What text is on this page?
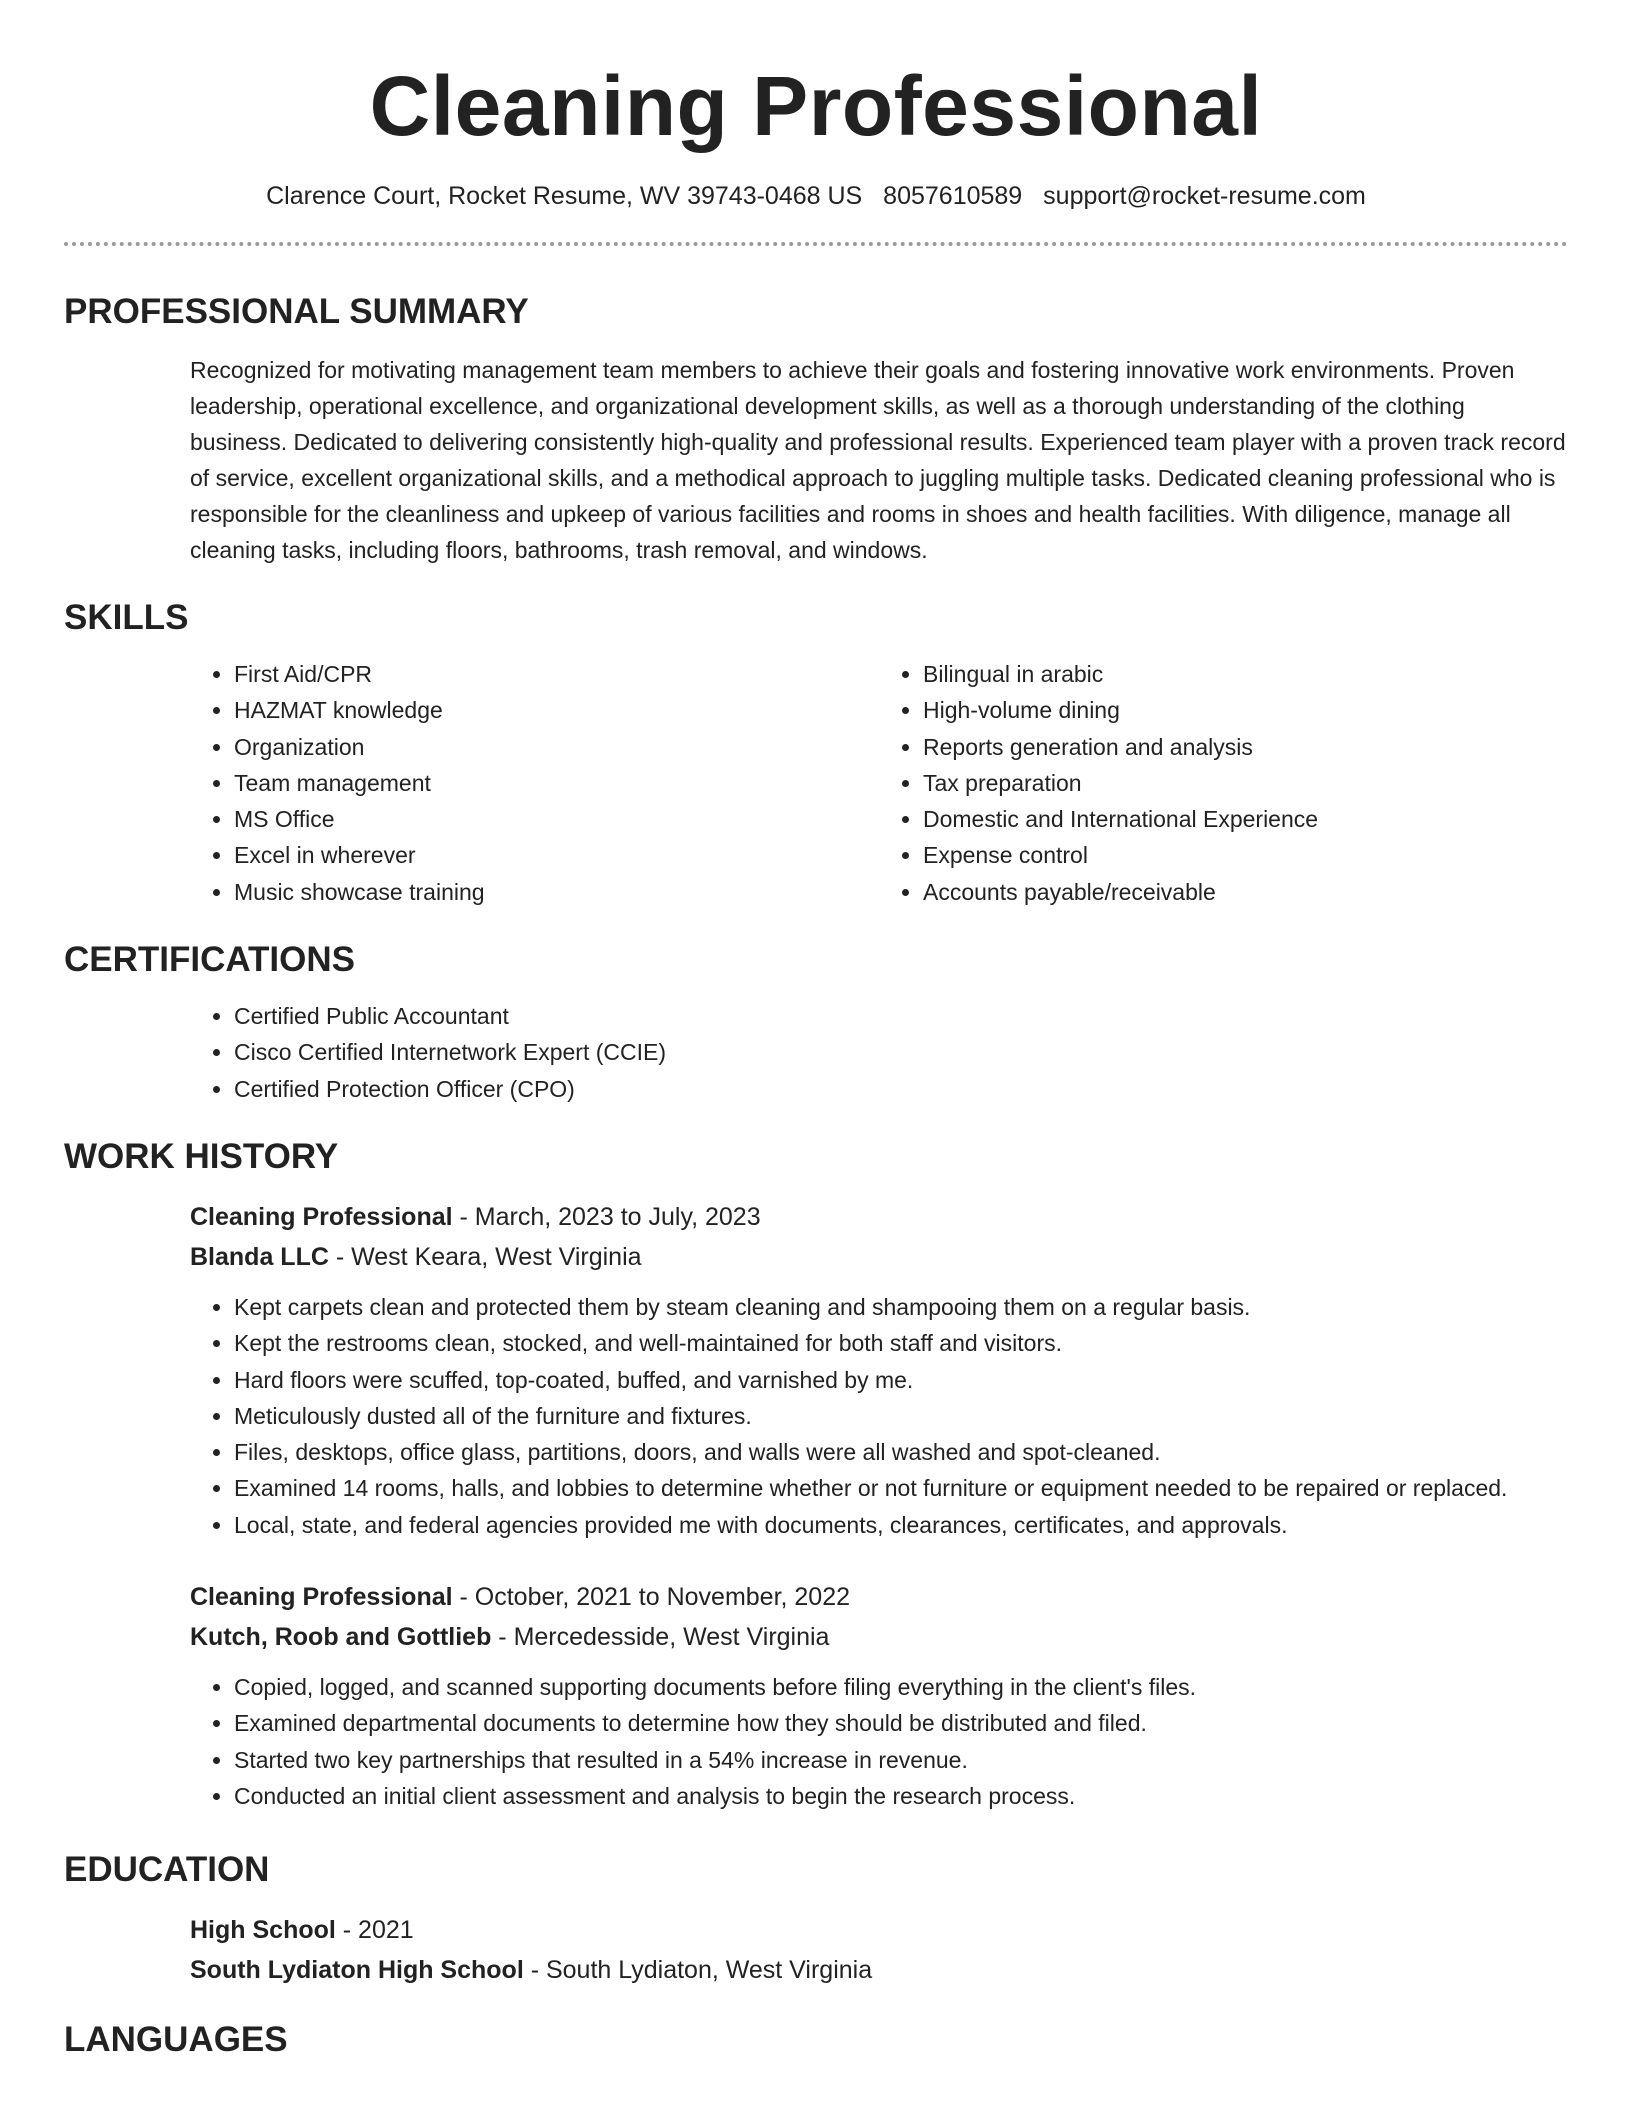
Cleaning Professional
Clarence Court, Rocket Resume, WV 39743-0468 US 8057610589 support@rocket-resume.com
PROFESSIONAL SUMMARY

Recognized for motivating management team members to achieve their goals and fostering innovative work environments. Proven leadership, operational excellence, and organizational development skills, as well as a thorough understanding of the clothing business. Dedicated to delivering consistently high-quality and professional results. Experienced team player with a proven track record of service, excellent organizational skills, and a methodical approach to juggling multiple tasks. Dedicated cleaning professional who is responsible for the cleanliness and upkeep of various facilities and rooms in shoes and health facilities. With diligence, manage all cleaning tasks, including floors, bathrooms, trash removal, and windows.

SKILLS
• First Aid/CPR
• HAZMAT knowledge
• Organization
• Team management
• MS Office
• Excel in wherever
• Music showcase training
• Bilingual in arabic
• High-volume dining
• Reports generation and analysis
• Tax preparation
• Domestic and International Experience
• Expense control
• Accounts payable/receivable
CERTIFICATIONS
• Certified Public Accountant
• Cisco Certified Internetwork Expert (CCIE)
• Certified Protection Officer (CPO)
WORK HISTORY
Cleaning Professional - March, 2023 to July, 2023
Blanda LLC - West Keara, West Virginia
• Kept carpets clean and protected them by steam cleaning and shampooing them on a regular basis.
• Kept the restrooms clean, stocked, and well-maintained for both staff and visitors.
• Hard floors were scuffed, top-coated, buffed, and varnished by me.
• Meticulously dusted all of the furniture and fixtures.
• Files, desktops, office glass, partitions, doors, and walls were all washed and spot-cleaned.
• Examined 14 rooms, halls, and lobbies to determine whether or not furniture or equipment needed to be repaired or replaced.
• Local, state, and federal agencies provided me with documents, clearances, certificates, and approvals.
Cleaning Professional - October, 2021 to November, 2022
Kutch, Roob and Gottlieb - Mercedesside, West Virginia
• Copied, logged, and scanned supporting documents before filing everything in the client's files.
• Examined departmental documents to determine how they should be distributed and filed.
• Started two key partnerships that resulted in a 54% increase in revenue.
• Conducted an initial client assessment and analysis to begin the research process.
EDUCATION
High School - 2021
South Lydiaton High School - South Lydiaton, West Virginia
LANGUAGES
